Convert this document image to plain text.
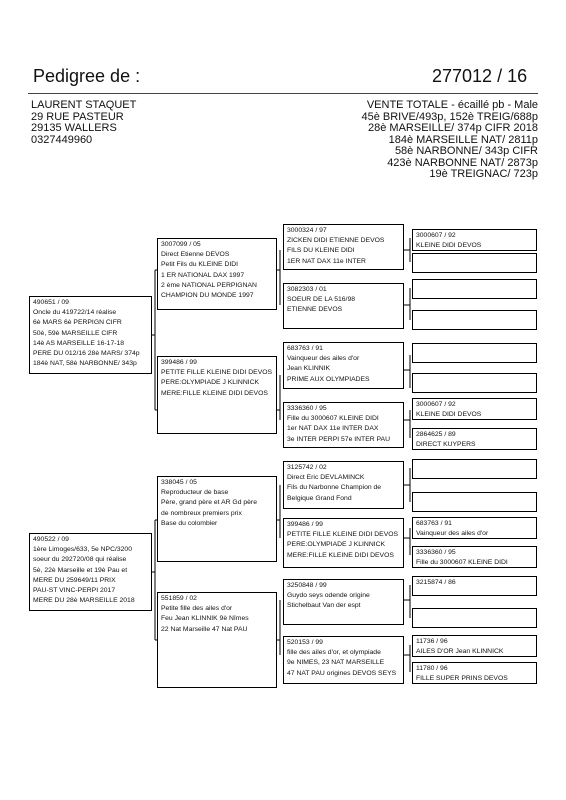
Pedigree de :	277012 / 16
LAURENT STAQUET
29 RUE PASTEUR
29135 WALLERS
0327449960
VENTE TOTALE - écaillé pb - Male
45è BRIVE/493p, 152è TREIG/688p
28è MARSEILLE/ 374p CIFR 2018
184è MARSEILLE NAT/ 2811p
58è NARBONNE/ 343p CIFR
423è NARBONNE NAT/ 2873p
19è TREIGNAC/ 723p
490651 / 09
Oncle du 419722/14 réalise
6è MARS 6è PERPIGN CIFR
50è, 59è MARSEILLE CIFR
14è AS MARSEILLE 16-17-18
PERE DU 012/16 28è MARS/ 374p
184è NAT, 58è NARBONNE/ 343p
490522 / 09
1ère Limoges/633, 5e NPC/3200
soeur du 292720/08 qui réalise
5è, 22è Marseille et 19è Pau et
MERE DU 259649/11 PRIX
PAU-ST VINC-PERPI 2017
MERE DU 28è MARSEILLE 2018
3007099 / 05
Direct Etienne DEVOS
Petit Fils du KLEINE DIDI
1 ER NATIONAL DAX 1997
2 ème NATIONAL PERPIGNAN
CHAMPION DU MONDE 1997
399486 / 99
PETITE FILLE KLEINE DIDI DEVOS
PERE:OLYMPIADE J KLINNICK
MERE:FILLE KLEINE DIDI DEVOS
338045 / 05
Reproducteur de base
Père, grand père et AR Gd père
de nombreux premiers prix
Base du colombier
551859 / 02
Petite fille des ailes d'or
Feu Jean KLINNIK 9è Nîmes
22 Nat Marseille 47 Nat PAU
3000324 / 97
ZICKEN DIDI ETIENNE DEVOS
FILS DU KLEINE DIDI
1ER NAT DAX 11e INTER
3082303 / 01
SOEUR DE LA 516/98
ETIENNE DEVOS
683763 / 91
Vainqueur des ailes d'or
Jean KLINNIK
PRIME AUX OLYMPIADES
3336360 / 95
Fille du 3000607 KLEINE DIDI
1er NAT DAX 11e INTER DAX
3e INTER PERPI 57e INTER PAU
3125742 / 02
Direct Eric DEVLAMINCK
Fils du Narbonne Champion de
Belgique Grand Fond
399486 / 99
PETITE FILLE KLEINE DIDI DEVOS
PERE:OLYMPIADE J KLINNICK
MERE:FILLE KLEINE DIDI DEVOS
3250848 / 99
Guydo seys odende origine
Stichelbaut Van der espt
520153 / 99
fille des ailes d'or, et olympiade
9e NIMES, 23 NAT MARSEILLE
47 NAT PAU origines DEVOS SEYS
3000607 / 92
KLEINE DIDI DEVOS
3000607 / 92
KLEINE DIDI DEVOS
2864625 / 89
DIRECT KUYPERS
683763 / 91
Vainqueur des ailes d'or
3336360 / 95
Fille du 3000607 KLEINE DIDI
3215874 / 86
11736 / 96
AILES D'OR Jean KLINNICK
11780 / 96
FILLE SUPER PRINS DEVOS
